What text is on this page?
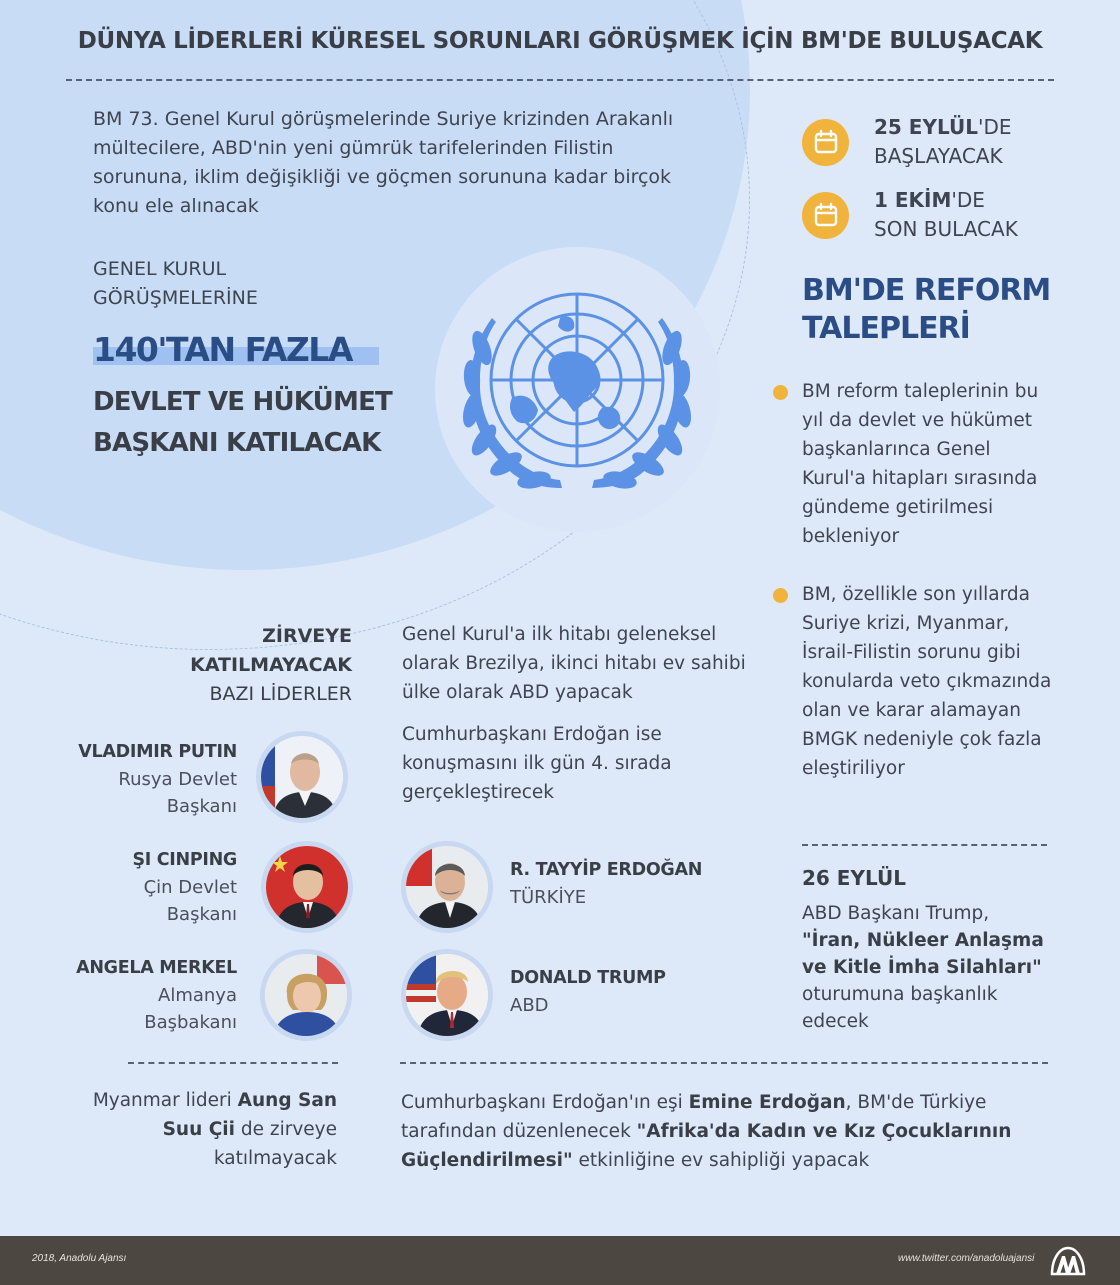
DÜNYA LİDERLERİ KÜRESEL SORUNLARI GÖRÜŞMEK İÇİN BM'DE BULUŞACAK
BM 73. Genel Kurul görüşmelerinde Suriye krizinden Arakanlı mültecilere, ABD'nin yeni gümrük tarifelerinden Filistin sorununa, iklim değişikliği ve göçmen sorununa kadar birçok konu ele alınacak
25 EYLÜL'DE
BAŞLAYACAK
1 EKİM'DE
SON BULACAK
GENEL KURUL GÖRÜŞMELERİNE
140'TAN FAZLA
DEVLET VE HÜKÜMET BAŞKANI KATILACAK
BM'DE REFORM TALEPLERİ
BM reform taleplerinin bu yıl da devlet ve hükümet başkanlarınca Genel Kurul'a hitapları sırasında gündeme getirilmesi bekleniyor
BM, özellikle son yıllarda Suriye krizi, Myanmar, İsrail-Filistin sorunu gibi konularda veto çıkmazında olan ve karar alamayan BMGK nedeniyle çok fazla eleştiriliyor
ZİRVEYE KATILMAYACAK
BAZI LİDERLER
VLADIMIR PUTIN
Rusya Devlet
Başkanı
ŞI CINPING
Çin Devlet
Başkanı
ANGELA MERKEL
Almanya
Başbakanı
Genel Kurul'a ilk hitabı geleneksel olarak Brezilya, ikinci hitabı ev sahibi ülke olarak ABD yapacak
Cumhurbaşkanı Erdoğan ise konuşmasını ilk gün 4. sırada gerçekleştirecek
R. TAYYİP ERDOĞAN
TÜRKİYE
DONALD TRUMP
ABD
26 EYLÜL
ABD Başkanı Trump,
"İran, Nükleer Anlaşma ve Kitle İmha Silahları"
oturumuna başkanlık edecek
Myanmar lideri Aung San Suu Çii de zirveye katılmayacak
Cumhurbaşkanı Erdoğan'ın eşi Emine Erdoğan, BM'de Türkiye tarafından düzenlenecek "Afrika'da Kadın ve Kız Çocuklarının Güçlendirilmesi" etkinliğine ev sahipliği yapacak
2018, Anadolu Ajansı	www.twitter.com/anadoluajansi
